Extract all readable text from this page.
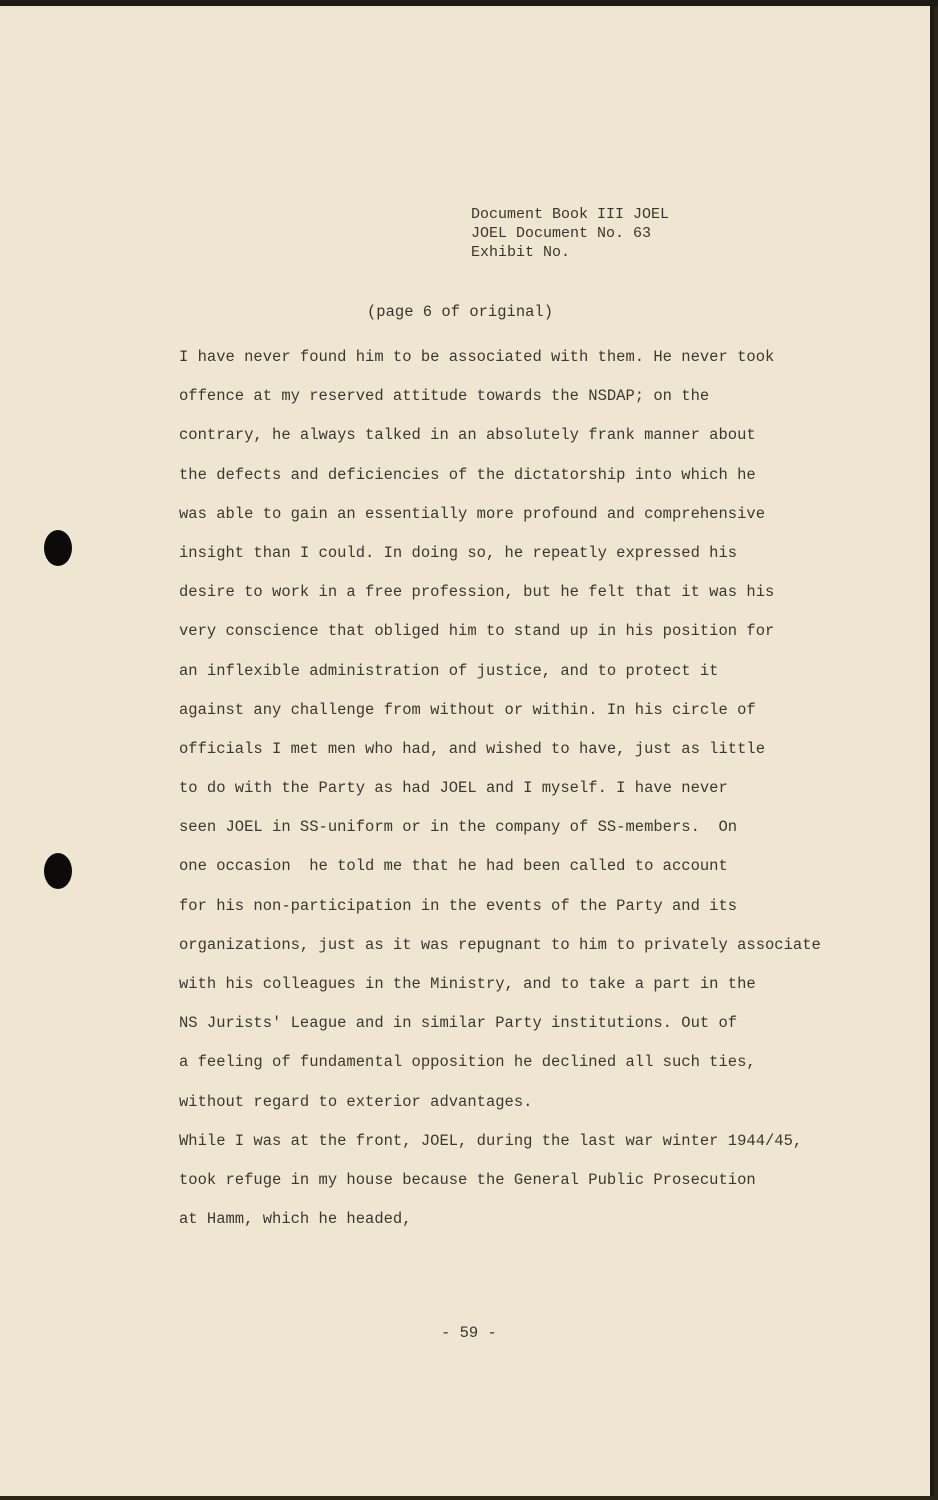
Document Book III JOEL
JOEL Document No. 63
Exhibit No.
(page 6 of original)
I have never found him to be associated with them. He never took
offence at my reserved attitude towards the NSDAP; on the
contrary, he always talked in an absolutely frank manner about
the defects and deficiencies of the dictatorship into which he
was able to gain an essentially more profound and comprehensive
insight than I could. In doing so, he repeatly expressed his
desire to work in a free profession, but he felt that it was his
very conscience that obliged him to stand up in his position for
an inflexible administration of justice, and to protect it
against any challenge from without or within. In his circle of
officials I met men who had, and wished to have, just as little
to do with the Party as had JOEL and I myself. I have never
seen JOEL in SS-uniform or in the company of SS-members.  On
one occasion  he told me that he had been called to account
for his non-participation in the events of the Party and its
organizations, just as it was repugnant to him to privately associate
with his colleagues in the Ministry, and to take a part in the
NS Jurists' League and in similar Party institutions. Out of
a feeling of fundamental opposition he declined all such ties,
without regard to exterior advantages.
While I was at the front, JOEL, during the last war winter 1944/45,
took refuge in my house because the General Public Prosecution
at Hamm, which he headed,
- 59 -
